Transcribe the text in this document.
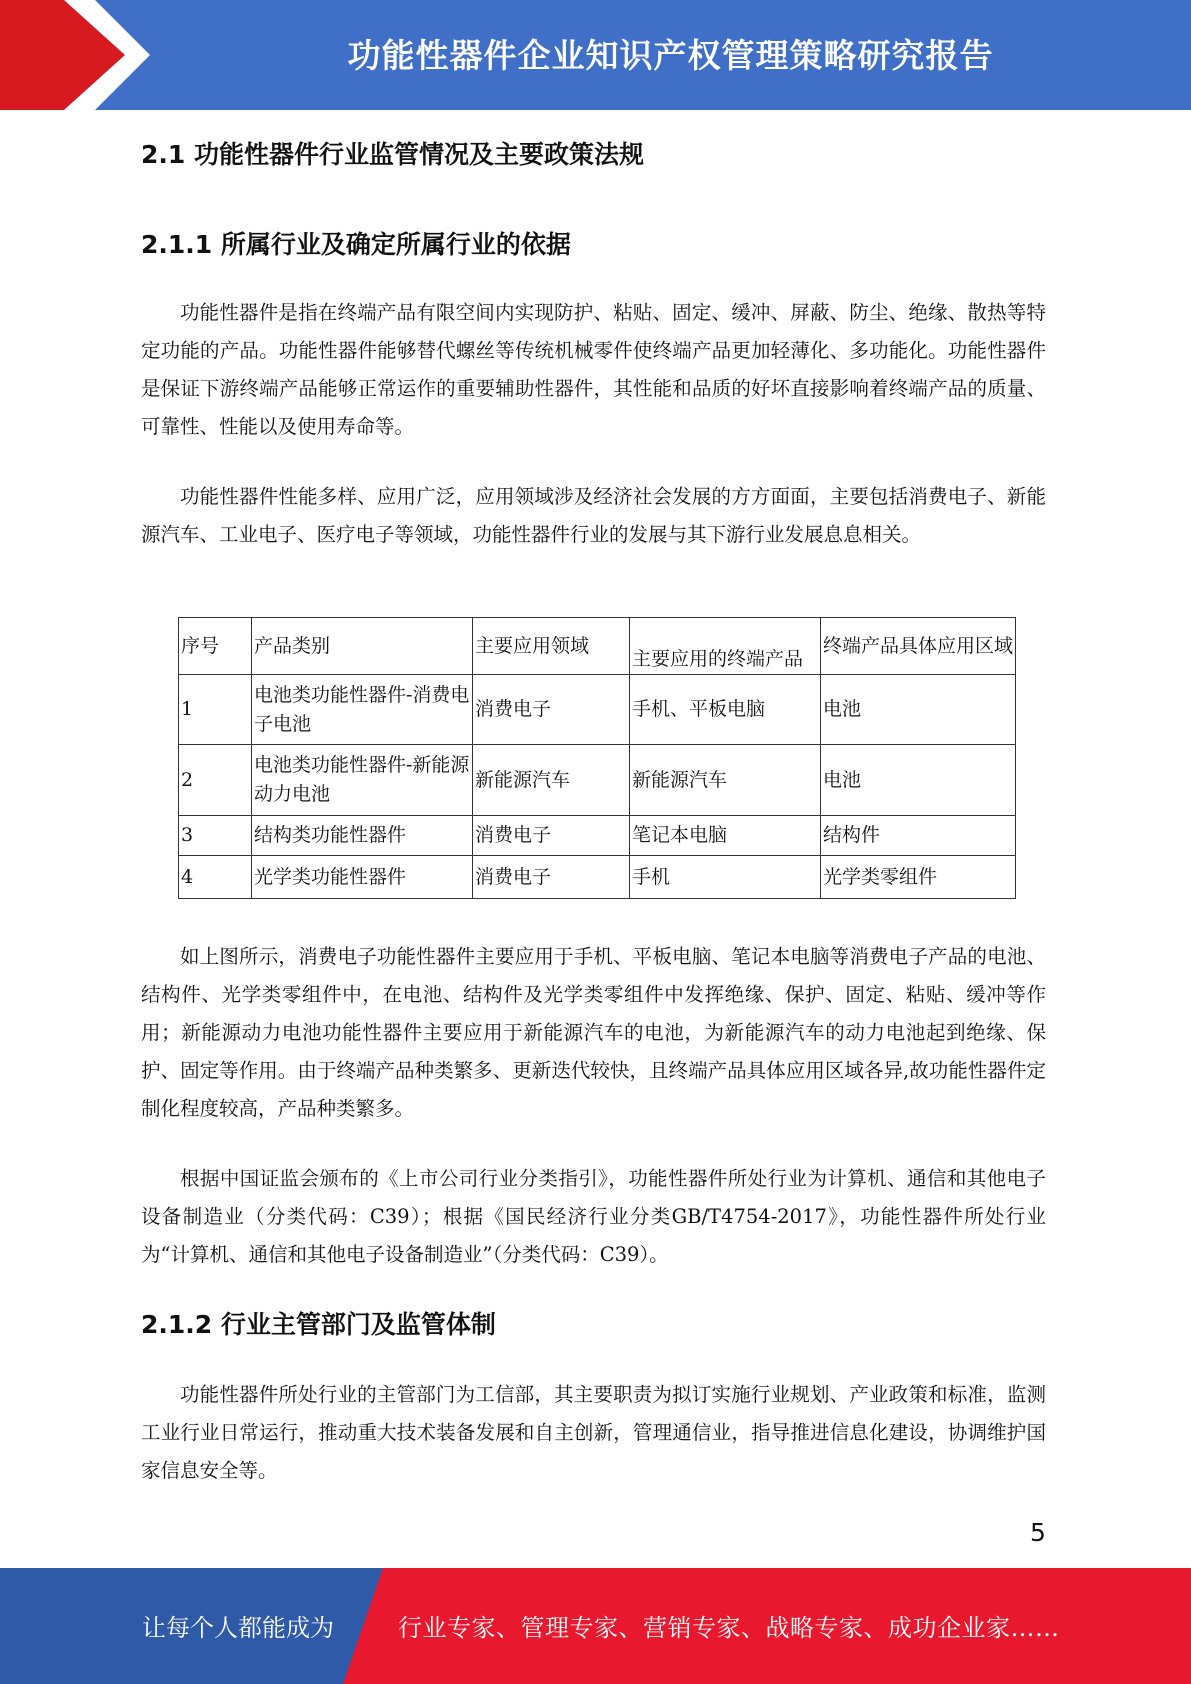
功能性器件企业知识产权管理策略研究报告
2.1 功能性器件行业监管情况及主要政策法规
2.1.1 所属行业及确定所属行业的依据

功能性器件是指在终端产品有限空间内实现防护、粘贴、固定、缓冲、屏蔽、防尘、绝缘、散热等特定功能的产品。功能性器件能够替代螺丝等传统机械零件使终端产品更加轻薄化、多功能化。功能性器件是保证下游终端产品能够正常运作的重要辅助性器件，其性能和品质的好坏直接影响着终端产品的质量、可靠性、性能以及使用寿命等。

功能性器件性能多样、应用广泛，应用领域涉及经济社会发展的方方面面，主要包括消费电子、新能源汽车、工业电子、医疗电子等领域，功能性器件行业的发展与其下游行业发展息息相关。

如上图所示，消费电子功能性器件主要应用于手机、平板电脑、笔记本电脑等消费电子产品的电池、结构件、光学类零组件中，在电池、结构件及光学类零组件中发挥绝缘、保护、固定、粘贴、缓冲等作用；新能源动力电池功能性器件主要应用于新能源汽车的电池，为新能源汽车的动力电池起到绝缘、保护、固定等作用。由于终端产品种类繁多、更新迭代较快，且终端产品具体应用区域各异,故功能性器件定制化程度较高，产品种类繁多。

根据中国证监会颁布的《上市公司行业分类指引》，功能性器件所处行业为计算机、通信和其他电子设备制造业（分类代码：C39）；根据《国民经济行业分类GB/T4754-2017》，功能性器件所处行业为“计算机、通信和其他电子设备制造业”（分类代码：C39）。

2.1.2 行业主管部门及监管体制

功能性器件所处行业的主管部门为工信部，其主要职责为拟订实施行业规划、产业政策和标准，监测工业行业日常运行，推动重大技术装备发展和自主创新，管理通信业，指导推进信息化建设，协调维护国家信息安全等。

序号	产品类别	主要应用领域	主要应用的终端产品	终端产品具体应用区域
1	电池类功能性器件-消费电子电池	消费电子	手机、平板电脑	电池
2	电池类功能性器件-新能源动力电池	新能源汽车	新能源汽车	电池
3	结构类功能性器件	消费电子	笔记本电脑	结构件
4	光学类功能性器件	消费电子	手机	光学类零组件
5
让每个人都能成为	行业专家、管理专家、营销专家、战略专家、成功企业家……
